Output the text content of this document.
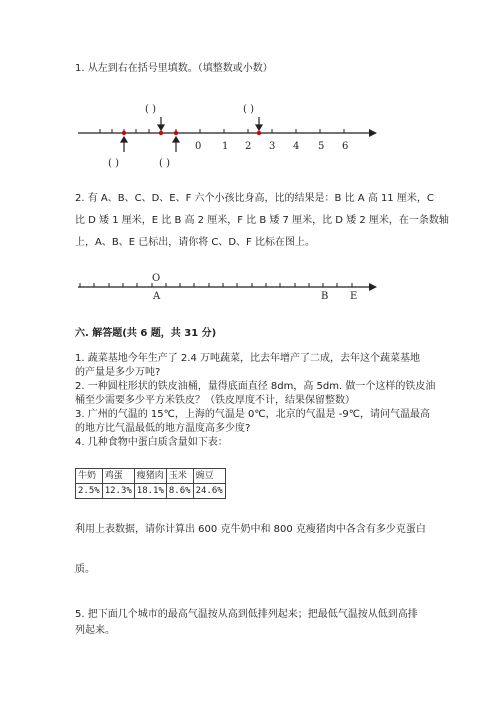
1. 从左到右在括号里填数。（填整数或小数）
( )	( )
( )	( )
0 1 2 3 4 5 6
2. 有 A、B、C、D、E、F 六个小孩比身高，比的结果是：B 比 A 高 11 厘米，C
比 D 矮 1 厘米，E 比 B 高 2 厘米，F 比 B 矮 7 厘米，比 D 矮 2 厘米，在一条数轴
上，A、B、E 已标出，请你将 C、D、F 比标在图上。
O
A	B E
六. 解答题(共 6 题，共 31 分)
1. 蔬菜基地今年生产了 2.4 万吨蔬菜，比去年增产了二成，去年这个蔬菜基地
的产量是多少万吨?
2. 一种圆柱形状的铁皮油桶，量得底面直径 8dm，高 5dm. 做一个这样的铁皮油
桶至少需要多少平方米铁皮？（铁皮厚度不计，结果保留整数）
3. 广州的气温的 15℃，上海的气温是 0℃，北京的气温是 -9℃，请问气温最高
的地方比气温最低的地方温度高多少度?
4. 几种食物中蛋白质含量如下表：
牛奶	鸡蛋	瘦猪肉	玉米	豌豆
2.5%	12.3%	18.1%	8.6%	24.6%
利用上表数据，请你计算出 600 克牛奶中和 800 克瘦猪肉中各含有多少克蛋白
质。
5. 把下面几个城市的最高气温按从高到低排列起来；把最低气温按从低到高排
列起来。
